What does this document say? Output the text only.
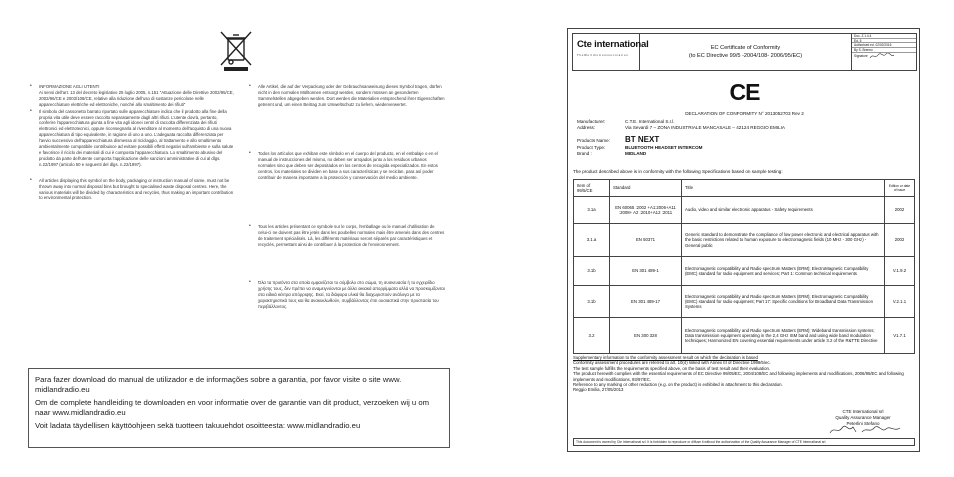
• INFORMAZIONE AGLI UTENTI
Ai sensi dell'art. 13 del decreto legislativo 25 luglio 2005, n.151 "Attuazione delle Direttive 2002/95/CE, 2002/96/CE e 2003/108/CE, relative alla riduzione dell'uso di sostanze pericolose nelle apparecchiature elettriche ed elettroniche, nonché allo smaltimento dei rifiuti"
• Il simbolo del cassonetto barrato riportato sulle apparecchiature indica che il prodotto alla fine della propria vita utile deve essere raccolto separatamente dagli altri rifiuti. L'utente dovrà, pertanto, conferire l'apparecchiatura giunta a fine vita agli idonei centri di raccolta differenziata dei rifiuti elettronici ed elettrotecnici, oppure riconsegnarla al rivenditore al momento dell'acquisto di una nuova apparecchiatura di tipo equivalente, in ragione di uno a uno. L'adeguata raccolta differenziata per l'avvio successivo dell'apparecchiatura dismessa al riciclaggio, al trattamento e allo smaltimento ambientalmente compatibile contribuisce ad evitare possibili effetti negativi sull'ambiente e sulla salute e favorisce il riciclo dei materiali di cui è composta l'apparecchiatura. Lo smaltimento abusivo del prodotto da parte dell'utente comporta l'applicazione delle sanzioni amministrative di cui al dlgs. n.22/1997 (articolo 50 e seguenti del dlgs. n.22/1997).
• All articles displaying this symbol on the body, packaging or instruction manual of same, must not be thrown away into normal disposal bins but brought to specialised waste disposal centres. Here, the various materials will be divided by characteristics and recycles, thus making an important contribution to environmental protection.
• Alle Artikel, die auf der Verpackung oder der Gebrauchsanweisung dieses Symbol tragen, dürfen nicht in den normalen Mülltonnen entsorgt werden, sondern müssen an gesonderten Sammelstellen abgegeben werden. Dort werden die Materialien entsprechend ihrer Eigenschaften getrennt und, um einen Beitrag zum Umweltschutz zu liefern, wiederverwertet.
• Todos los artículos que exhiban este símbolo en el cuerpo del producto, en el embalaje o en el manual de instrucciones del mismo, no deben ser arrojados junto a los residuos urbanos normales sino que deben ser depositados en los centros de recogida especializados. En estos centros, los materiales se dividen en base a sus características y se reciclan, para así poder contribuir de manera importante a la protección y conservación del medio ambiente.
• Tous les articles présentant ce symbole sur le corps, l'emballage ou le manuel d'utilisation de celui-ci ne doivent pas être jetés dans les poubelles normales mais être amenés dans des centres de traitement spécialisés. Là, les différents matériaux seront séparés par caractéristiques et recyclés, permettant ainsi de contribuer à la protection de l'environnement.
• Όλα τα προϊόντα στα οποία εμφανίζεται το σύμβολο στο σώμα, τη συσκευασία ή το εγχειρίδιο χρήσης τους, δεν πρέπει να αναμειγνύονται με άλλα οικιακά απορρίμματα αλλά να προσκομίζονται στα ειδικά κέντρα απόρριψης. Εκεί, τα διάφορα υλικά θα διαχωριστούν ανάλογα με τα χαρακτηριστικά τους και θα ανακυκλωθούν, συμβάλλοντας έτσι ουσιαστικά στην προστασία του περιβάλλοντος.

Para fazer download do manual de utilizador e de informações sobre a garantia, por favor visite o site www. midlandradio.eu

Om de complete handleiding te downloaden en voor informatie over de garantie van dit product, verzoeken wij u om naar www.midlandradio.eu

Voit ladata täydellisen käyttöohjeen sekä tuotteen takuuehdot osoitteesta: www.midlandradio.eu

Cte international
T h e W o r l d i n C o m m u n i c a t i o n
EC Certificate of Conformity
(to EC Directive 99/5 -2004/108- 2006/95/EC)
Doc. Z.1.4.4
Ed. 5
Authorised ed. 02/02/2016
By S. Brenno
Signature
CE
DECLARATION OF CONFORMITY N° 2013052703 Rev 2
Manufacturer:	C.T.E. International S.r.l.
Address:	Via Sevardi 7 – ZONA INDUSTRIALE MANCASALE – 42124 REGGIO EMILIA
Products Name:	BT NEXT
Product Type:	BLUETOOTH HEADSET INTERCOM
Brand :	MIDLAND
The product described above is in conformity with the following Specifications based on sample testing:
Item of 99/5/CE	Standard	Title	Edition or date of issue
3.1a	EN 60065 :2002 +A1:2006+A11 :2008+ A2 :2010+A12 :2011	Audio, video and similar electronic apparatus - Safety requirements	2002
3.1.a	EN 50371	Generic standard to demonstrate the compliance of low power electronic and electrical apparatus with the basic restrictions related to human exposure to electromagnetic fields (10 MHz - 300 GHz) - General public	2002
3.1b	EN 301 489-1	Electromagnetic compatibility and Radio spectrum Matters (ERM); ElectroMagnetic Compatibility (EMC) standard for radio equipment and services; Part 1: Common technical requirements	V.1.9.2
3.1b	EN 301 489-17	Electromagnetic compatibility and Radio spectrum Matters (ERM); Electromagnetic Compatibility (EMC) standard for radio equipment; Part 17: Specific conditions for Broadband Data Transmission Systems	V.2.1.1
3.2	EN 300 328	Electromagnetic compatibility and Radio spectrum Matters (ERM); Wideband transmission systems; Data transmission equipment operating in the 2,4 GHz ISM band and using wide band modulation techniques; Harmonized EN covering essential requirements under article 3.2 of the R&TTE Directive	V1.7.1
Supplementary information to the conformity assessment result on which the declaration is based
Conformity assessment procedures are referred to art. 10(4) linked with Annex III of Directive 1999/5/ec.
The test sample fulfills the requirements specified above, on the basis of test result and their evaluation.
The product herewith complies with the essential requirements of EC Directive 99/05/EC, 2004/108/EC and following implements and modifications, 2006/95/EC and following implements and modifications, 93/97/EC.
Reference to any marking or other reduction (e.g. on the product) is exhibited in attachment to this declaration.
Reggio Emilia, 27/05/2013
CTE International srl
Quality Assurance Manager
Peterlini Stefano
This document is owned by Cte International srl. It is forbidden to reproduce or diffuse it without the authorization of the Quality Assurance Manager of CTE International srl.
